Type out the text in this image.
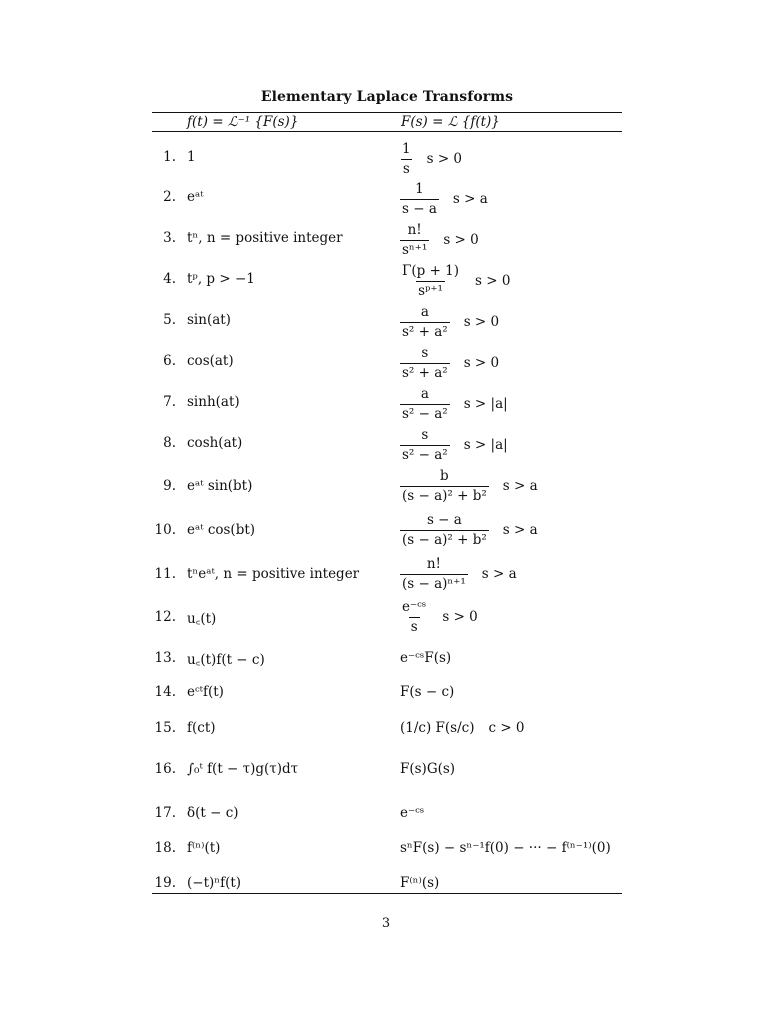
Elementary Laplace Transforms
f(t) = ℒ⁻¹ {F(s)}	F(s) = ℒ {f(t)}
1. 1	$\frac{1}{s}$ s > 0
2. eᵃᵗ	$\frac{1}{s - a}$ s > a
3. tⁿ, n = positive integer	$\frac{n!}{\text{sⁿ⁺¹}}$ s > 0
4. tᵖ, p > −1	$\frac{\Gamma(p + 1)}{\text{sᵖ⁺¹}}$ s > 0
5. sin(at)	$\frac{a}{\text{s² + a²}}$ s > 0
6. cos(at)	$\frac{s}{\text{s² + a²}}$ s > 0
7. sinh(at)	$\frac{a}{\text{s² − a²}}$ s > |a|
8. cosh(at)	$\frac{s}{\text{s² − a²}}$ s > |a|
9. eᵃᵗ sin(bt)	$\frac{b}{\text{(s − a)² + b²}}$ s > a
10. eᵃᵗ cos(bt)	$\frac{s - a}{\text{(s − a)² + b²}}$ s > a
11. tⁿeᵃᵗ, n = positive integer	$\frac{n!}{\text{(s − a)ⁿ⁺¹}}$ s > a
12. u꜀(t)	$\frac{\text{e⁻ᶜˢ}}{s}$ s > 0
13. u꜀(t)f(t − c)	e⁻ᶜˢF(s)
14. eᶜᵗf(t)	F(s − c)
15. f(ct)	(1/c) F(s/c) c > 0
16. ∫₀ᵗ f(t − τ)g(τ)dτ	F(s)G(s)
17. δ(t − c)	e⁻ᶜˢ
18. f⁽ⁿ⁾(t)	sⁿF(s) − sⁿ⁻¹f(0) − ··· − f⁽ⁿ⁻¹⁾(0)
19. (−t)ⁿf(t)	F⁽ⁿ⁾(s)
3
